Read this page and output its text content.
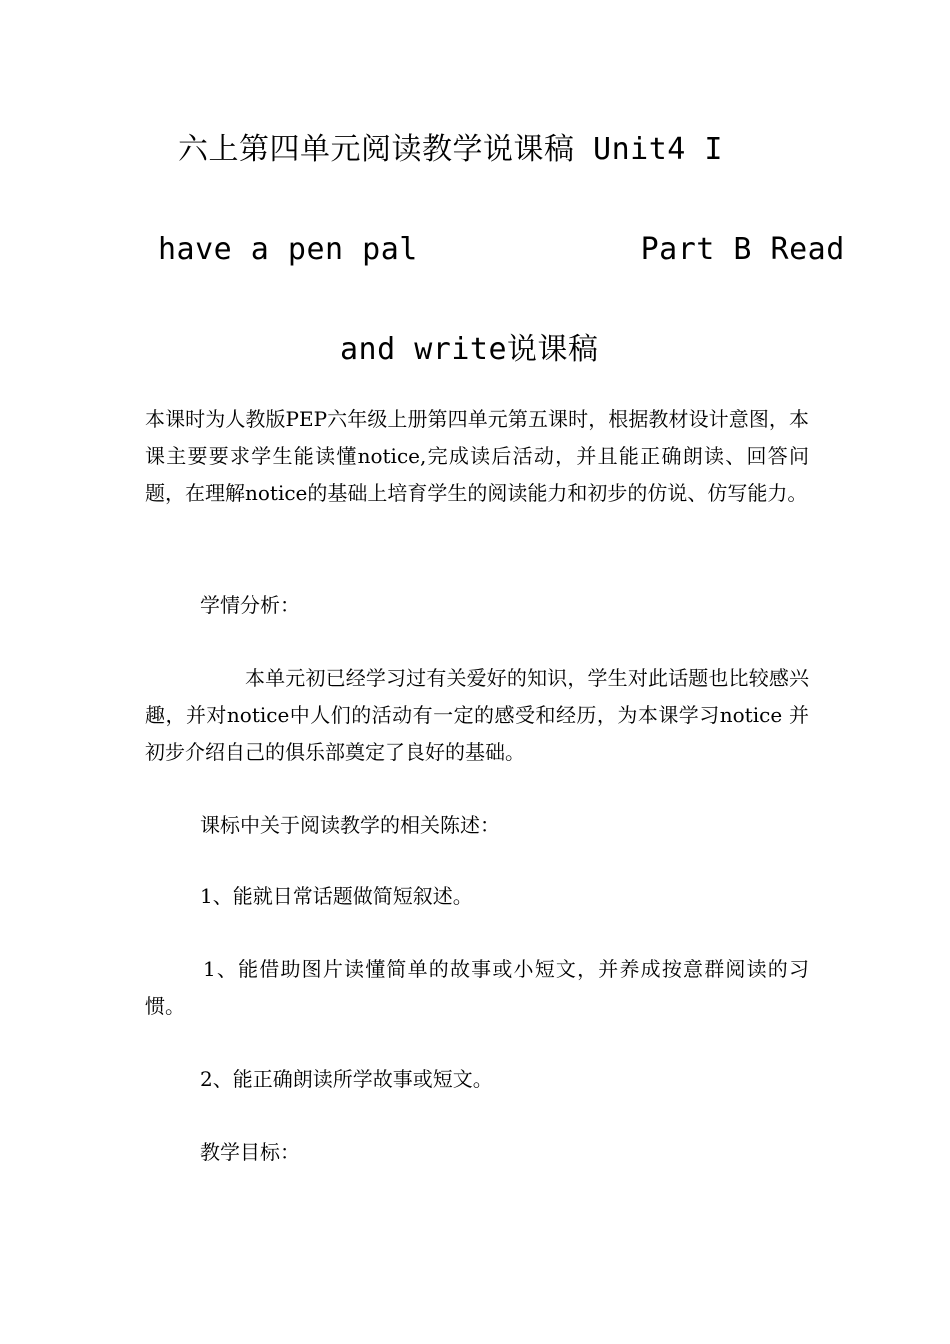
六上第四单元阅读教学说课稿 Unit4 I
have a pen pal            Part B Read
and write说课稿

本课时为人教版PEP六年级上册第四单元第五课时，根据教材设计意图，本课主要要求学生能读懂notice,完成读后活动，并且能正确朗读、回答问题，在理解notice的基础上培育学生的阅读能力和初步的仿说、仿写能力。

学情分析：

本单元初已经学习过有关爱好的知识，学生对此话题也比较感兴趣，并对notice中人们的活动有一定的感受和经历，为本课学习notice 并初步介绍自己的俱乐部奠定了良好的基础。

课标中关于阅读教学的相关陈述：

1、能就日常话题做简短叙述。

1、能借助图片读懂简单的故事或小短文，并养成按意群阅读的习惯。

2、能正确朗读所学故事或短文。

教学目标：
